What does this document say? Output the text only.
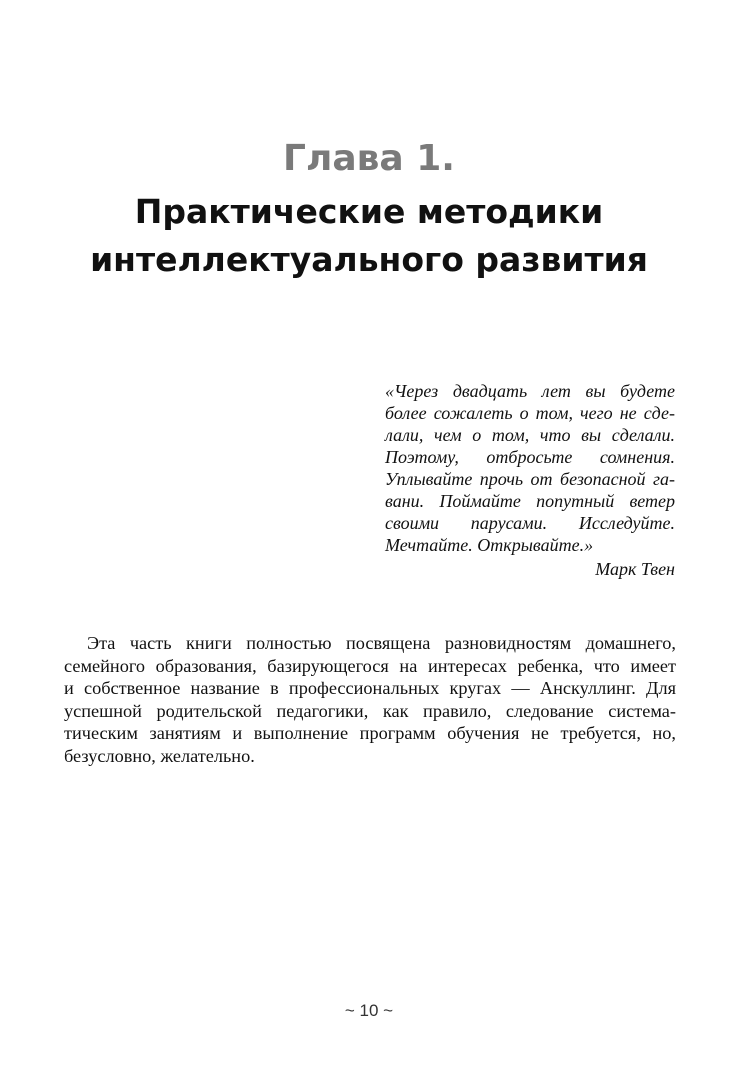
Глава 1.
Практические методики
интеллектуального развития
«Через двадцать лет вы будете
более сожалеть о том, чего не сде-
лали, чем о том, что вы сделали.
Поэтому, отбросьте сомнения.
Уплывайте прочь от безопасной га-
вани. Поймайте попутный ветер
своими парусами. Исследуйте.
Мечтайте. Открывайте.»
Марк Твен
Эта часть книги полностью посвящена разновидностям домашнего,
семейного образования, базирующегося на интересах ребенка, что имеет
и собственное название в профессиональных кругах — Анскуллинг. Для
успешной родительской педагогики, как правило, следование система-
тическим занятиям и выполнение программ обучения не требуется, но,
безусловно, желательно.
~ 10 ~
